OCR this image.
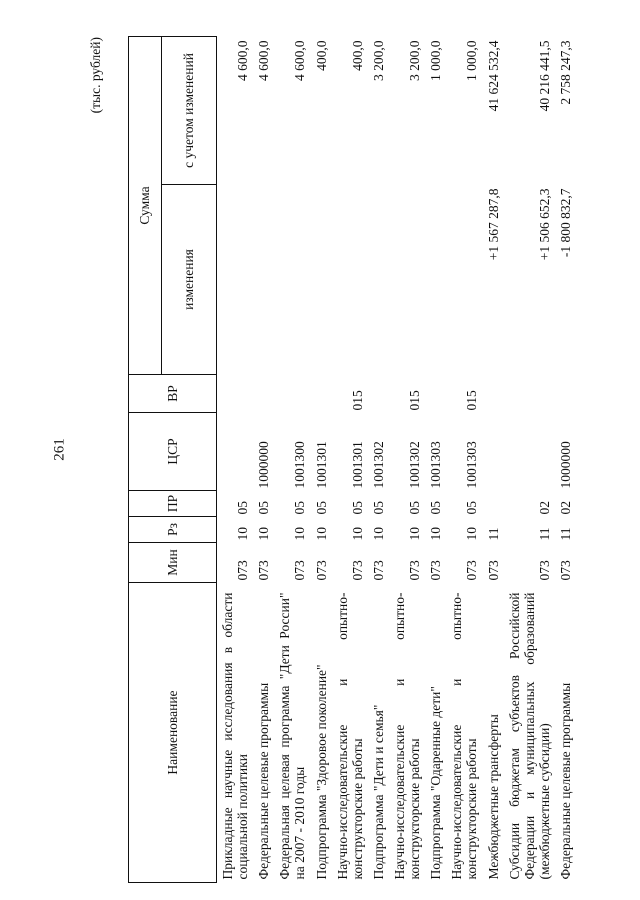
261
(тыс. рублей)
Наименование	Мин	Рз	ПР	ЦСР	ВР	Сумма	
						изменения	с учетом изменений
Прикладные научные исследования в области социальной политики	073	10	05				4 600,0
Федеральные целевые программы	073	10	05	1000000			4 600,0
Федеральная целевая программа "Дети России" на 2007 - 2010 годы	073	10	05	1001300			4 600,0
Подпрограмма "Здоровое поколение"	073	10	05	1001301			400,0
Научно-исследовательские и опытно-конструкторские работы	073	10	05	1001301	015		400,0
Подпрограмма "Дети и семья"	073	10	05	1001302			3 200,0
Научно-исследовательские и опытно-конструкторские работы	073	10	05	1001302	015		3 200,0
Подпрограмма "Одаренные дети"	073	10	05	1001303			1 000,0
Научно-исследовательские и опытно-конструкторские работы	073	10	05	1001303	015		1 000,0
Межбюджетные трансферты	073	11				+1 567 287,8	41 624 532,4
Субсидии бюджетам субъектов Российской Федерации и муниципальных образований (межбюджетные субсидии)	073	11	02			+1 506 652,3	40 216 441,5
Федеральные целевые программы	073	11	02	1000000		-1 800 832,7	2 758 247,3
